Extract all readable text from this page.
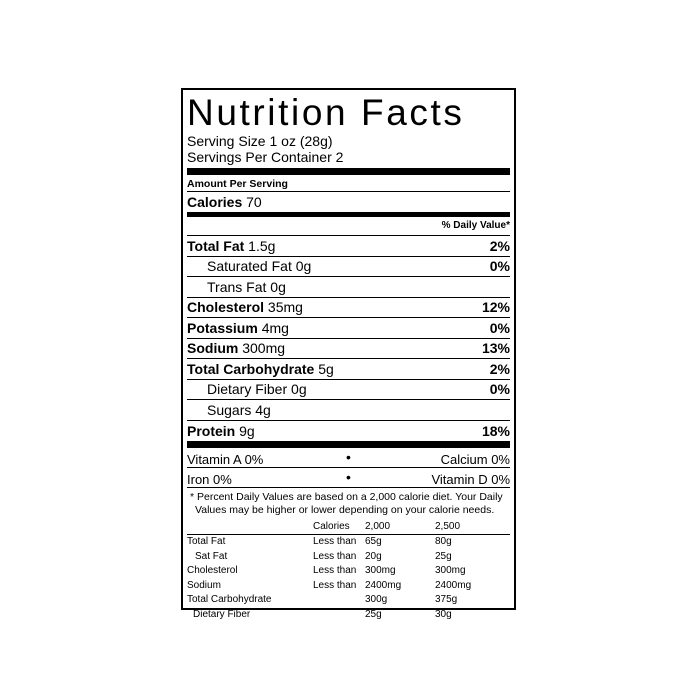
Nutrition Facts
Serving Size 1 oz (28g)
Servings Per Container 2
Amount Per Serving
Calories 70
% Daily Value*
Total Fat 1.5g	2%
Saturated Fat 0g	0%
Trans Fat 0g
Cholesterol 35mg	12%
Potassium 4mg	0%
Sodium 300mg	13%
Total Carbohydrate 5g	2%
Dietary Fiber 0g	0%
Sugars 4g
Protein 9g	18%
Vitamin A 0%	•	Calcium 0%
Iron 0%	•	Vitamin D 0%
* Percent Daily Values are based on a 2,000 calorie diet. Your Daily
Values may be higher or lower depending on your calorie needs.
	Calories	2,000	2,500
Total Fat	Less than	65g	80g
Sat Fat	Less than	20g	25g
Cholesterol	Less than	300mg	300mg
Sodium	Less than	2400mg	2400mg
Total Carbohydrate		300g	375g
Dietary Fiber		25g	30g
